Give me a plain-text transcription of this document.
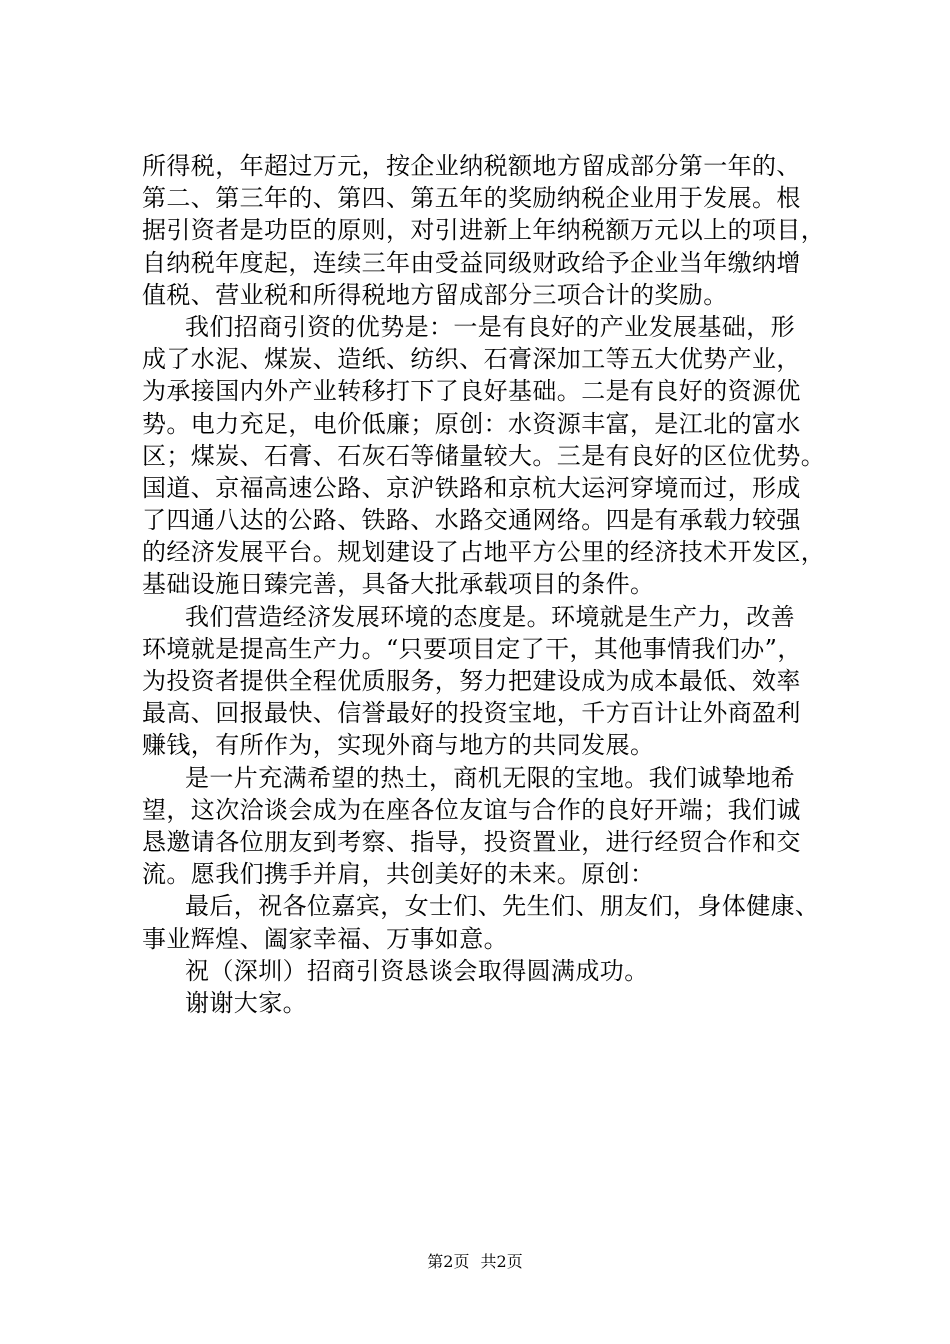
所得税，年超过万元，按企业纳税额地方留成部分第一年的、
第二、第三年的、第四、第五年的奖励纳税企业用于发展。根
据引资者是功臣的原则，对引进新上年纳税额万元以上的项目，
自纳税年度起，连续三年由受益同级财政给予企业当年缴纳增
值税、营业税和所得税地方留成部分三项合计的奖励。
我们招商引资的优势是：一是有良好的产业发展基础，形
成了水泥、煤炭、造纸、纺织、石膏深加工等五大优势产业，
为承接国内外产业转移打下了良好基础。二是有良好的资源优
势。电力充足，电价低廉；原创：水资源丰富，是江北的富水
区；煤炭、石膏、石灰石等储量较大。三是有良好的区位优势。
国道、京福高速公路、京沪铁路和京杭大运河穿境而过，形成
了四通八达的公路、铁路、水路交通网络。四是有承载力较强
的经济发展平台。规划建设了占地平方公里的经济技术开发区，
基础设施日臻完善，具备大批承载项目的条件。
我们营造经济发展环境的态度是。环境就是生产力，改善
环境就是提高生产力。“只要项目定了干，其他事情我们办”，
为投资者提供全程优质服务，努力把建设成为成本最低、效率
最高、回报最快、信誉最好的投资宝地，千方百计让外商盈利
赚钱，有所作为，实现外商与地方的共同发展。
是一片充满希望的热土，商机无限的宝地。我们诚挚地希
望，这次洽谈会成为在座各位友谊与合作的良好开端；我们诚
恳邀请各位朋友到考察、指导，投资置业，进行经贸合作和交
流。愿我们携手并肩，共创美好的未来。原创：
最后，祝各位嘉宾，女士们、先生们、朋友们，身体健康、
事业辉煌、阖家幸福、万事如意。
祝（深圳）招商引资恳谈会取得圆满成功。
谢谢大家。
第2页 共2页
